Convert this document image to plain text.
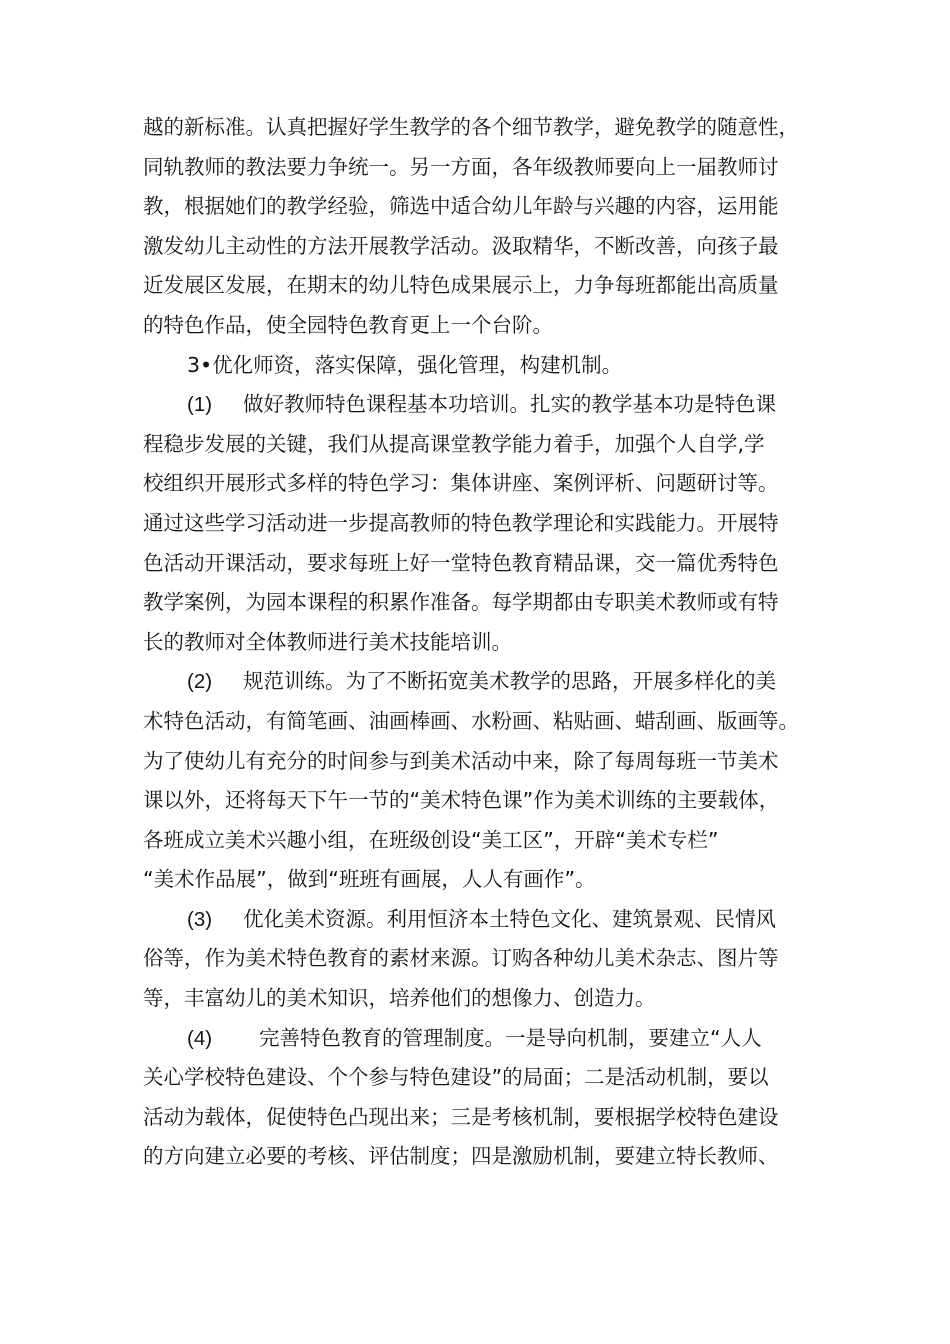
越的新标准。认真把握好学生教学的各个细节教学，避免教学的随意性，
同轨教师的教法要力争统一。另一方面，各年级教师要向上一届教师讨
教，根据她们的教学经验，筛选中适合幼儿年龄与兴趣的内容，运用能
激发幼儿主动性的方法开展教学活动。汲取精华，不断改善，向孩子最
近发展区发展，在期末的幼儿特色成果展示上，力争每班都能出高质量
的特色作品，使全园特色教育更上一个台阶。
3•优化师资，落实保障，强化管理，构建机制。
(1) 做好教师特色课程基本功培训。扎实的教学基本功是特色课
程稳步发展的关键，我们从提高课堂教学能力着手，加强个人自学,学
校组织开展形式多样的特色学习：集体讲座、案例评析、问题研讨等。
通过这些学习活动进一步提高教师的特色教学理论和实践能力。开展特
色活动开课活动，要求每班上好一堂特色教育精品课，交一篇优秀特色
教学案例，为园本课程的积累作准备。每学期都由专职美术教师或有特
长的教师对全体教师进行美术技能培训。
(2) 规范训练。为了不断拓宽美术教学的思路，开展多样化的美
术特色活动，有简笔画、油画棒画、水粉画、粘贴画、蜡刮画、版画等。
为了使幼儿有充分的时间参与到美术活动中来，除了每周每班一节美术
课以外，还将每天下午一节的“美术特色课”作为美术训练的主要载体，
各班成立美术兴趣小组，在班级创设“美工区”，开辟“美术专栏”
“美术作品展”，做到“班班有画展，人人有画作”。
(3) 优化美术资源。利用恒济本土特色文化、建筑景观、民情风
俗等，作为美术特色教育的素材来源。订购各种幼儿美术杂志、图片等
等，丰富幼儿的美术知识，培养他们的想像力、创造力。
(4) 完善特色教育的管理制度。一是导向机制，要建立“人人
关心学校特色建设、个个参与特色建设”的局面；二是活动机制，要以
活动为载体，促使特色凸现出来；三是考核机制，要根据学校特色建设
的方向建立必要的考核、评估制度；四是激励机制，要建立特长教师、
